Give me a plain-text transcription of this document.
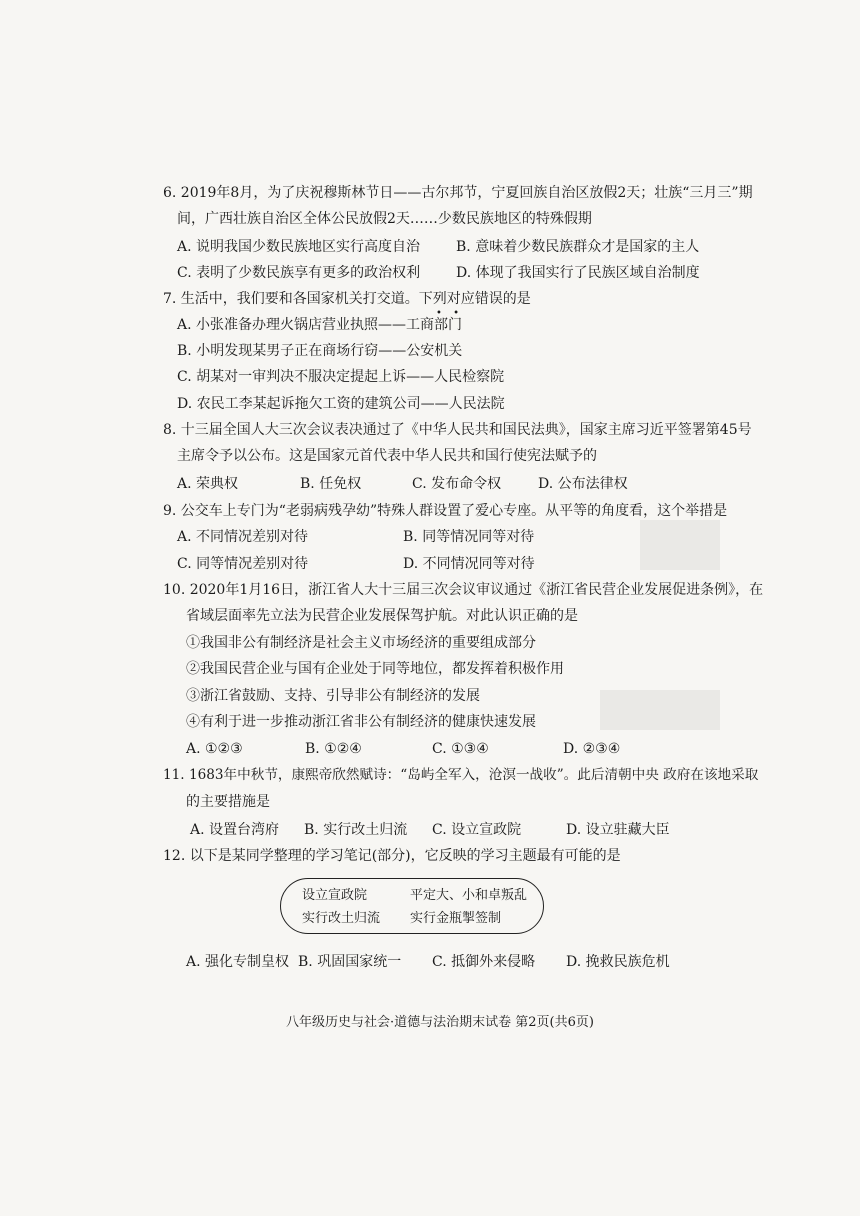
6. 2019年8月，为了庆祝穆斯林节日——古尔邦节，宁夏回族自治区放假2天；壮族“三月三”期
间，广西壮族自治区全体公民放假2天……少数民族地区的特殊假期
A. 说明我国少数民族地区实行高度自治	B. 意味着少数民族群众才是国家的主人
C. 表明了少数民族享有更多的政治权利	D. 体现了我国实行了民族区域自治制度
7. 生活中，我们要和各国家机关打交道。下列对应错误的是
• •
A. 小张准备办理火锅店营业执照——工商部门
B. 小明发现某男子正在商场行窃——公安机关
C. 胡某对一审判决不服决定提起上诉——人民检察院
D. 农民工李某起诉拖欠工资的建筑公司——人民法院
8. 十三届全国人大三次会议表决通过了《中华人民共和国民法典》，国家主席习近平签署第45号
主席令予以公布。这是国家元首代表中华人民共和国行使宪法赋予的
A. 荣典权	B. 任免权	C. 发布命令权	D. 公布法律权
9. 公交车上专门为“老弱病残孕幼”特殊人群设置了爱心专座。从平等的角度看，这个举措是
A. 不同情况差别对待	B. 同等情况同等对待
C. 同等情况差别对待	D. 不同情况同等对待
10. 2020年1月16日，浙江省人大十三届三次会议审议通过《浙江省民营企业发展促进条例》，在
省域层面率先立法为民营企业发展保驾护航。对此认识正确的是
①我国非公有制经济是社会主义市场经济的重要组成部分
②我国民营企业与国有企业处于同等地位，都发挥着积极作用
③浙江省鼓励、支持、引导非公有制经济的发展
④有利于进一步推动浙江省非公有制经济的健康快速发展
A. ①②③	B. ①②④	C. ①③④	D. ②③④
11. 1683年中秋节，康熙帝欣然赋诗：“岛屿全军入，沧溟一战收”。此后清朝中央 政府在该地采取
的主要措施是
A. 设置台湾府 B. 实行改土归流 C. 设立宣政院	D. 设立驻藏大臣
12. 以下是某同学整理的学习笔记(部分)，它反映的学习主题最有可能的是
设立宣政院	平定大、小和卓叛乱
实行改土归流 实行金瓶掣签制
A. 强化专制皇权 B. 巩固国家统一 C. 抵御外来侵略 D. 挽救民族危机
八年级历史与社会·道德与法治期末试卷 第2页(共6页)
